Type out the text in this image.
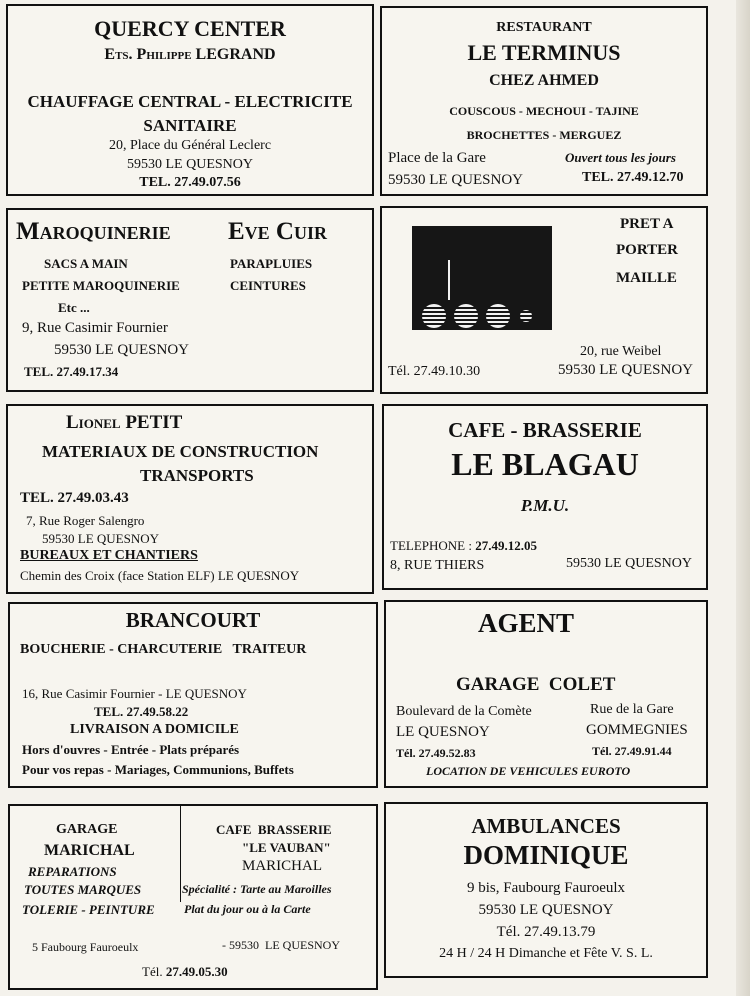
QUERCY CENTER
Ets. Philippe LEGRAND
CHAUFFAGE CENTRAL - ELECTRICITE
SANITAIRE
20, Place du Général Leclerc
59530 LE QUESNOY
TEL. 27.49.07.56
RESTAURANT
LE TERMINUS
CHEZ AHMED
COUSCOUS - MECHOUI - TAJINE
BROCHETTES - MERGUEZ
Place de la Gare	Ouvert tous les jours
59530 LE QUESNOY	TEL. 27.49.12.70
Maroquinerie Eve Cuir
SACS A MAIN
PETITE MAROQUINERIE
Etc ...
PARAPLUIES
CEINTURES
9, Rue Casimir Fournier
59530 LE QUESNOY
TEL. 27.49.17.34
elea
PRET A
PORTER
MAILLE
20, rue Weibel
Tél. 27.49.10.30	59530 LE QUESNOY
Lionel PETIT
MATERIAUX DE CONSTRUCTION
TRANSPORTS
TEL. 27.49.03.43
7, Rue Roger Salengro
59530 LE QUESNOY
BUREAUX ET CHANTIERS
Chemin des Croix (face Station ELF) LE QUESNOY
CAFE - BRASSERIE
LE BLAGAU
P.M.U.
TELEPHONE : 27.49.12.05
8, RUE THIERS	59530 LE QUESNOY
BRANCOURT
BOUCHERIE - CHARCUTERIE   TRAITEUR
16, Rue Casimir Fournier - LE QUESNOY
TEL. 27.49.58.22
LIVRAISON A DOMICILE
Hors d'ouvres - Entrée - Plats préparés
Pour vos repas - Mariages, Communions, Buffets
AGENT
GARAGE  COLET
Boulevard de la Comète	Rue de la Gare
LE QUESNOY	GOMMEGNIES
Tél. 27.49.52.83	Tél. 27.49.91.44
LOCATION DE VEHICULES EUROTO
GARAGE
MARICHAL
REPARATIONS
TOUTES MARQUES
TOLERIE - PEINTURE
CAFE  BRASSERIE
"LE VAUBAN"
MARICHAL
Spécialité : Tarte au Maroilles
Plat du jour ou à la Carte
5 Faubourg Fauroeulx	- 59530  LE QUESNOY
Tél. 27.49.05.30
AMBULANCES
DOMINIQUE
9 bis, Faubourg Fauroeulx
59530 LE QUESNOY
Tél. 27.49.13.79
24 H / 24 H Dimanche et Fête V. S. L.
